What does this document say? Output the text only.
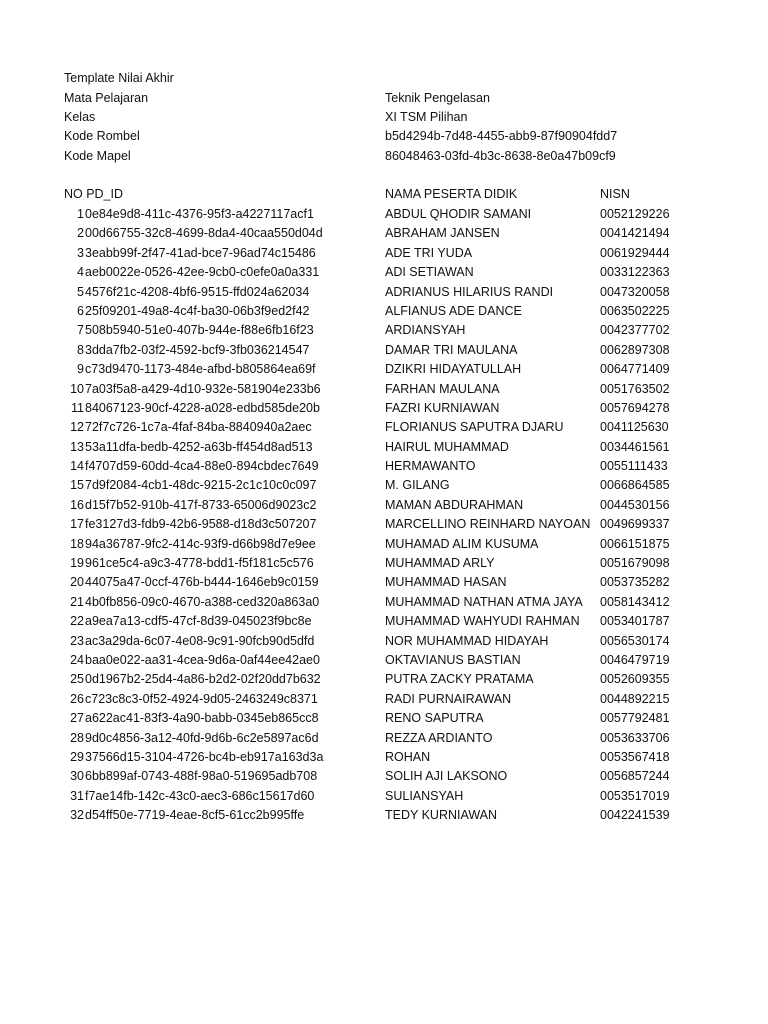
Template Nilai Akhir
Mata Pelajaran	Teknik Pengelasan
Kelas	XI TSM Pilihan
Kode Rombel	b5d4294b-7d48-4455-abb9-87f90904fdd7
Kode Mapel	86048463-03fd-4b3c-8638-8e0a47b09cf9
NO PD_ID	NAMA PESERTA DIDIK	NISN
1 0e84e9d8-411c-4376-95f3-a4227117acf1	ABDUL QHODIR SAMANI	0052129226
2 00d66755-32c8-4699-8da4-40caa550d04d	ABRAHAM JANSEN	0041421494
3 3eabb99f-2f47-41ad-bce7-96ad74c15486	ADE TRI YUDA	0061929444
4 aeb0022e-0526-42ee-9cb0-c0efe0a0a331	ADI SETIAWAN	0033122363
5 4576f21c-4208-4bf6-9515-ffd024a62034	ADRIANUS HILARIUS RANDI	0047320058
6 25f09201-49a8-4c4f-ba30-06b3f9ed2f42	ALFIANUS ADE DANCE	0063502225
7 508b5940-51e0-407b-944e-f88e6fb16f23	ARDIANSYAH	0042377702
8 3dda7fb2-03f2-4592-bcf9-3fb036214547	DAMAR TRI MAULANA	0062897308
9 c73d9470-1173-484e-afbd-b805864ea69f	DZIKRI HIDAYATULLAH	0064771409
10 7a03f5a8-a429-4d10-932e-581904e233b6	FARHAN MAULANA	0051763502
11 84067123-90cf-4228-a028-edbd585de20b	FAZRI KURNIAWAN	0057694278
12 72f7c726-1c7a-4faf-84ba-8840940a2aec	FLORIANUS SAPUTRA DJARU	0041125630
13 53a11dfa-bedb-4252-a63b-ff454d8ad513	HAIRUL MUHAMMAD	0034461561
14 f4707d59-60dd-4ca4-88e0-894cbdec7649	HERMAWANTO	0055111433
15 7d9f2084-4cb1-48dc-9215-2c1c10c0c097	M. GILANG	0066864585
16 d15f7b52-910b-417f-8733-65006d9023c2	MAMAN ABDURAHMAN	0044530156
17 fe3127d3-fdb9-42b6-9588-d18d3c507207	MARCELLINO REINHARD NAYOAN 0049699337
18 94a36787-9fc2-414c-93f9-d66b98d7e9ee	MUHAMAD ALIM KUSUMA	0066151875
19 961ce5c4-a9c3-4778-bdd1-f5f181c5c576	MUHAMMAD ARLY	0051679098
20 44075a47-0ccf-476b-b444-1646eb9c0159	MUHAMMAD HASAN	0053735282
21 4b0fb856-09c0-4670-a388-ced320a863a0	MUHAMMAD NATHAN ATMA JAYA 0058143412
22 a9ea7a13-cdf5-47cf-8d39-045023f9bc8e	MUHAMMAD WAHYUDI RAHMAN 0053401787
23 ac3a29da-6c07-4e08-9c91-90fcb90d5dfd	NOR MUHAMMAD HIDAYAH	0056530174
24 baa0e022-aa31-4cea-9d6a-0af44ee42ae0	OKTAVIANUS BASTIAN	0046479719
25 0d1967b2-25d4-4a86-b2d2-02f20dd7b632	PUTRA ZACKY PRATAMA	0052609355
26 c723c8c3-0f52-4924-9d05-2463249c8371	RADI PURNAIRAWAN	0044892215
27 a622ac41-83f3-4a90-babb-0345eb865cc8	RENO SAPUTRA	0057792481
28 9d0c4856-3a12-40fd-9d6b-6c2e5897ac6d	REZZA ARDIANTO	0053633706
29 37566d15-3104-4726-bc4b-eb917a163d3a	ROHAN	0053567418
30 6bb899af-0743-488f-98a0-519695adb708	SOLIH AJI LAKSONO	0056857244
31 f7ae14fb-142c-43c0-aec3-686c15617d60	SULIANSYAH	0053517019
32 d54ff50e-7719-4eae-8cf5-61cc2b995ffe	TEDY KURNIAWAN	0042241539
